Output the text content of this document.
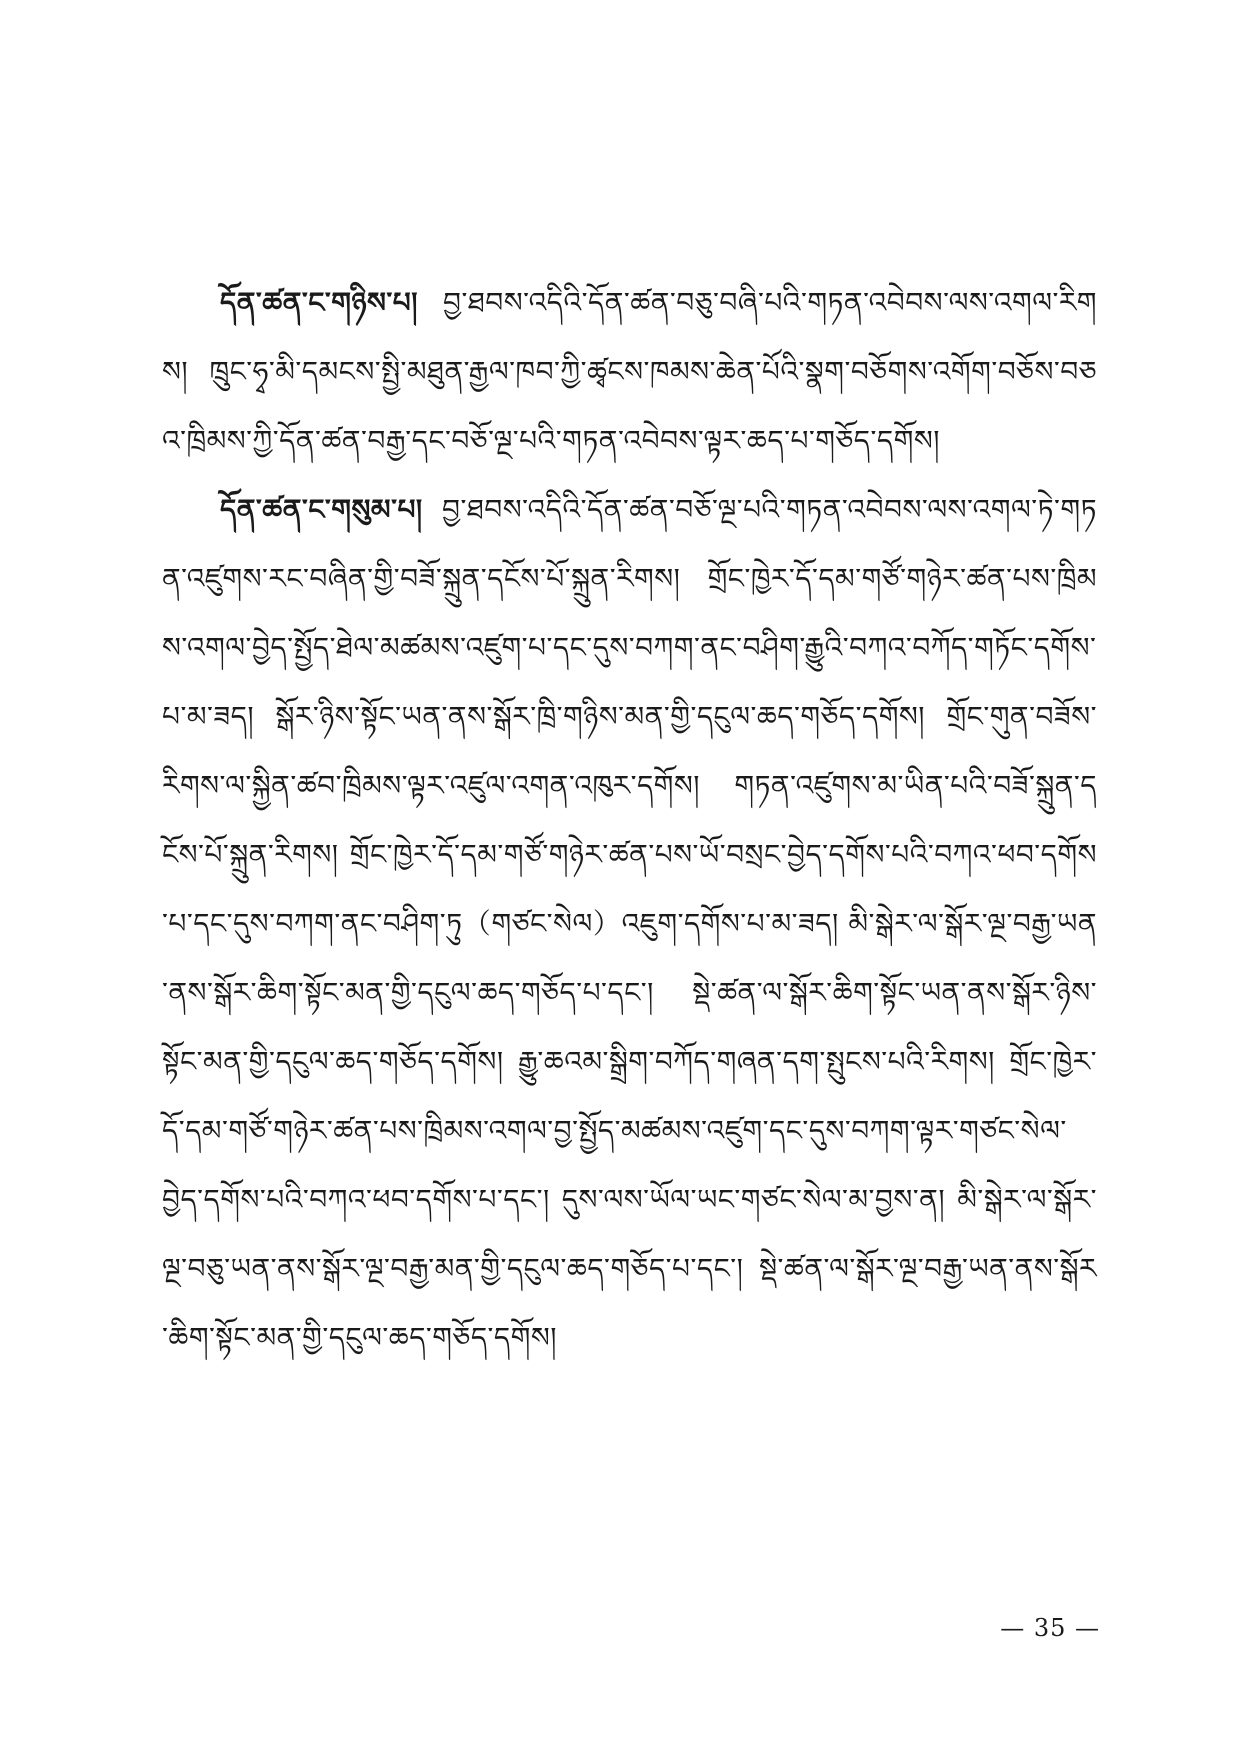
དོན་ཚན་ང་གཉིས་པ། བྱ་ཐབས་འདིའི་དོན་ཚན་བཅུ་བཞི་པའི་གཏན་འབེབས་ལས་འགལ་རིགས། ཁྲུང་ཧྭ་མི་དམངས་སྤྱི་མཐུན་རྒྱལ་ཁབ་ཀྱི་ཚྭངས་ཁམས་ཆེན་པོའི་སྣག་བཅོགས་འགོག་བཅོས་བཅའ་ཁྲིམས་ཀྱི་དོན་ཚན་བརྒྱ་དང་བཅོ་ལྔ་པའི་གཏན་འབེབས་ལྟར་ཆད་པ་གཅོད་དགོས།

དོན་ཚན་ང་གསུམ་པ། བྱ་ཐབས་འདིའི་དོན་ཚན་བཅོ་ལྔ་པའི་གཏན་འབེབས་ལས་འགལ་ཏེ་གཏན་འཛུགས་རང་བཞིན་གྱི་བཟོ་སྐྲུན་དངོས་པོ་སྐྲུན་རིགས། གྲོང་ཁྱེར་དོ་དམ་གཙོ་གཉེར་ཚན་པས་ཁྲིམས་འགལ་བྱེད་སྤྱོད་ཐེལ་མཚམས་འཛུག་པ་དང་དུས་བཀག་ནང་བཤིག་རྒྱུའི་བཀའ་བཀོད་གཏོང་དགོས་པ་མ་ཟད། སྒོར་ཉིས་སྟོང་ཡན་ནས་སྒོར་ཁྲི་གཉིས་མན་གྱི་དངུལ་ཆད་གཅོད་དགོས། གྲོང་གུན་བཟོས་རིགས་ལ་སྐྱིན་ཚབ་ཁྲིམས་ལྟར་འཛུལ་འགན་འཁུར་དགོས། གཏན་འཛུགས་མ་ཡིན་པའི་བཟོ་སྐྲུན་དངོས་པོ་སྐྲུན་རིགས། གྲོང་ཁྱེར་དོ་དམ་གཙོ་གཉེར་ཚན་པས་ཡོ་བསྲང་བྱེད་དགོས་པའི་བཀའ་ཕབ་དགོས་པ་དང་དུས་བཀག་ནང་བཤིག་ཏུ（གཙང་སེལ）འཇུག་དགོས་པ་མ་ཟད། མི་སྒེར་ལ་སྒོར་ལྔ་བརྒྱ་ཡན་ནས་སྒོར་ཆིག་སྟོང་མན་གྱི་དངུལ་ཆད་གཅོད་པ་དང་། སྡེ་ཚན་ལ་སྒོར་ཆིག་སྟོང་ཡན་ནས་སྒོར་ཉིས་སྟོང་མན་གྱི་དངུལ་ཆད་གཅོད་དགོས། རྒྱུ་ཆའམ་སྒྲིག་བཀོད་གཞན་དག་སྤུངས་པའི་རིགས། གྲོང་ཁྱེར་དོ་དམ་གཙོ་གཉེར་ཚན་པས་ཁྲིམས་འགལ་བྱ་སྤྱོད་མཚམས་འཛུག་དང་དུས་བཀག་ལྟར་གཙང་སེལ་བྱེད་དགོས་པའི་བཀའ་ཕབ་དགོས་པ་དང་། དུས་ལས་ཡོལ་ཡང་གཙང་སེལ་མ་བྱས་ན། མི་སྒེར་ལ་སྒོར་ལྔ་བཅུ་ཡན་ནས་སྒོར་ལྔ་བརྒྱ་མན་གྱི་དངུལ་ཆད་གཅོད་པ་དང་། སྡེ་ཚན་ལ་སྒོར་ལྔ་བརྒྱ་ཡན་ནས་སྒོར་ཆིག་སྟོང་མན་གྱི་དངུལ་ཆད་གཅོད་དགོས།

— 35 —
